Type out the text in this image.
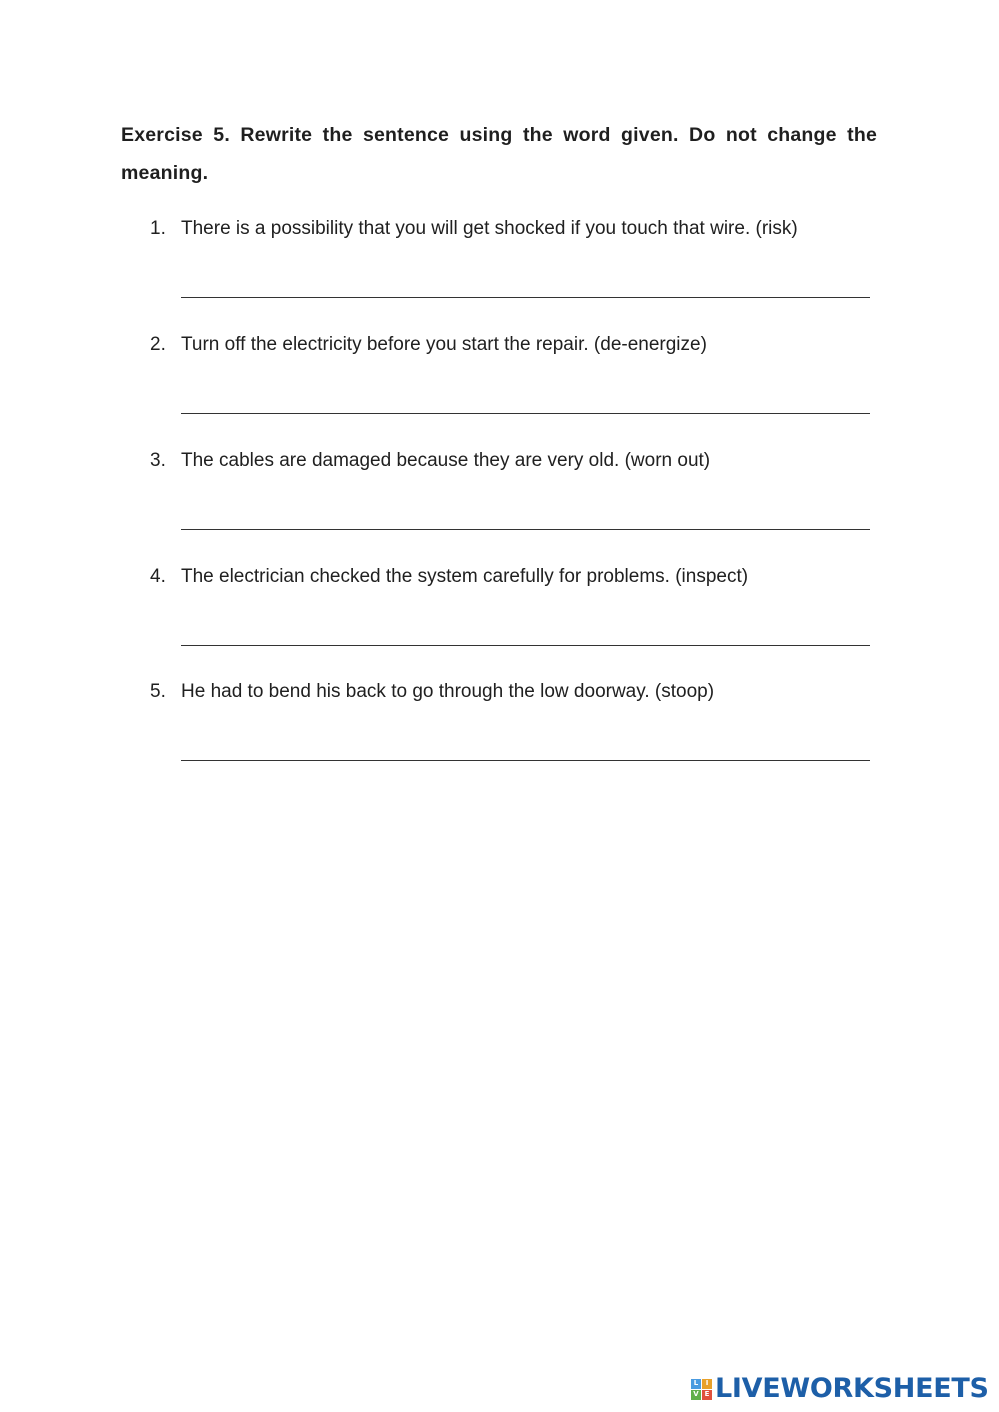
Exercise 5. Rewrite the sentence using the word given. Do not change the meaning.
1. There is a possibility that you will get shocked if you touch that wire. (risk)
2. Turn off the electricity before you start the repair. (de-energize)
3. The cables are damaged because they are very old. (worn out)
4. The electrician checked the system carefully for problems. (inspect)
5. He had to bend his back to go through the low doorway. (stoop)
L	I
V E LIVEWORKSHEETS
